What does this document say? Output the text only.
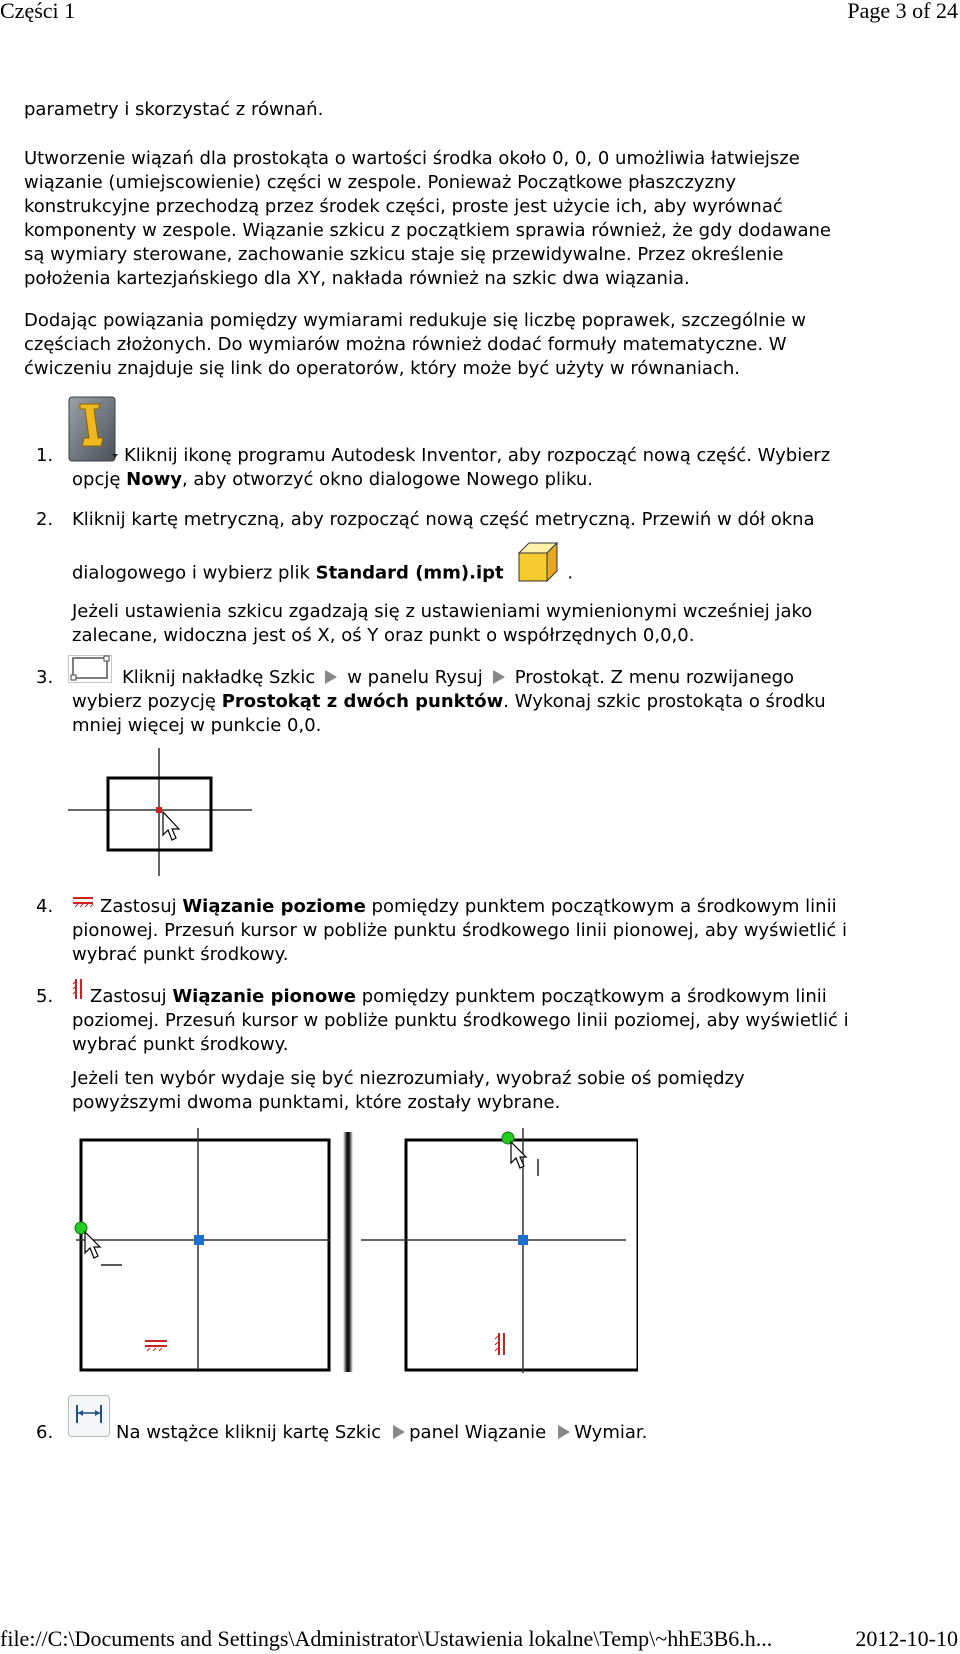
Części 1	Page 3 of 24

parametry i skorzystać z równań.

Utworzenie wiązań dla prostokąta o wartości środka około 0, 0, 0 umożliwia łatwiejsze
wiązanie (umiejscowienie) części w zespole. Ponieważ Początkowe płaszczyzny
konstrukcyjne przechodzą przez środek części, proste jest użycie ich, aby wyrównać
komponenty w zespole. Wiązanie szkicu z początkiem sprawia również, że gdy dodawane
są wymiary sterowane, zachowanie szkicu staje się przewidywalne. Przez określenie
położenia kartezjańskiego dla XY, nakłada również na szkic dwa wiązania.
Dodając powiązania pomiędzy wymiarami redukuje się liczbę poprawek, szczególnie w
częściach złożonych. Do wymiarów można również dodać formuły matematyczne. W
ćwiczeniu znajduje się link do operatorów, który może być użyty w równaniach.
1.	Kliknij ikonę programu Autodesk Inventor, aby rozpocząć nową część. Wybierz
opcję Nowy, aby otworzyć okno dialogowe Nowego pliku.
2. Kliknij kartę metryczną, aby rozpocząć nową część metryczną. Przewiń w dół okna
dialogowego i wybierz plik Standard (mm).ipt	.
Jeżeli ustawienia szkicu zgadzają się z ustawieniami wymienionymi wcześniej jako
zalecane, widoczna jest oś X, oś Y oraz punkt o współrzędnych 0,0,0.
3.	Kliknij nakładkę Szkic w panelu Rysuj Prostokąt. Z menu rozwijanego
wybierz pozycję Prostokąt z dwóch punktów. Wykonaj szkic prostokąta o środku
mniej więcej w punkcie 0,0.
4.	Zastosuj Wiązanie poziome pomiędzy punktem początkowym a środkowym linii
pionowej. Przesuń kursor w pobliże punktu środkowego linii pionowej, aby wyświetlić i
wybrać punkt środkowy.
5.	Zastosuj Wiązanie pionowe pomiędzy punktem początkowym a środkowym linii
poziomej. Przesuń kursor w pobliże punktu środkowego linii poziomej, aby wyświetlić i
wybrać punkt środkowy.
Jeżeli ten wybór wydaje się być niezrozumiały, wyobraź sobie oś pomiędzy
powyższymi dwoma punktami, które zostały wybrane.
6.	Na wstążce kliknij kartę Szkic panel Wiązanie Wymiar.
file://C:\Documents and Settings\Administrator\Ustawienia lokalne\Temp\~hhE3B6.h...	2012-10-10
